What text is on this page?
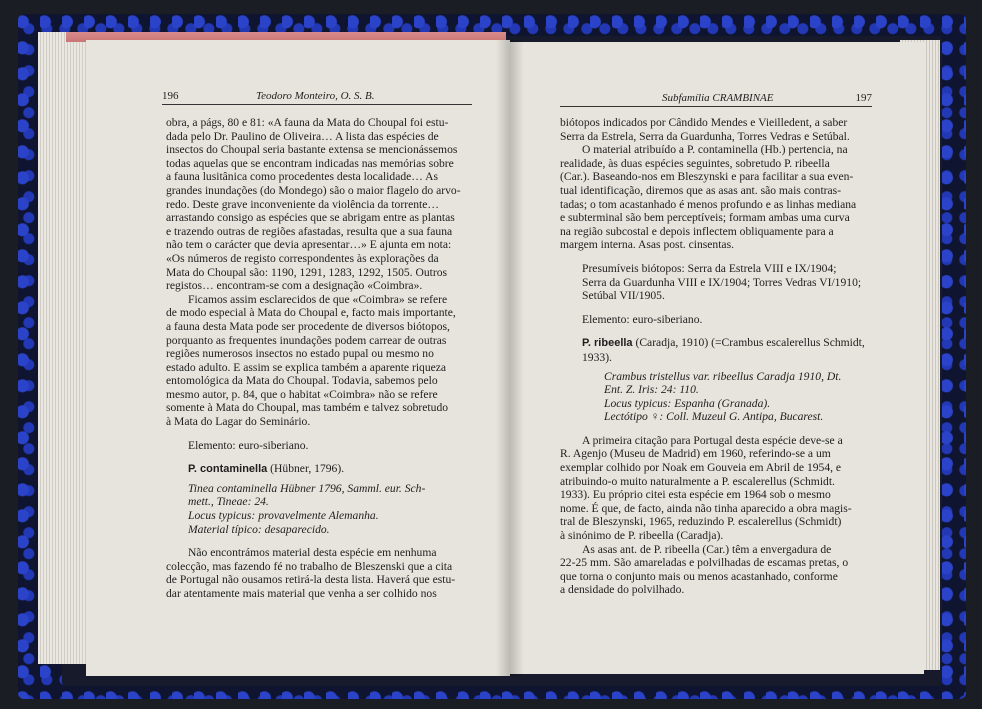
196	Teodoro Monteiro, O. S. B.

obra, a págs, 80 e 81: «A fauna da Mata do Choupal foi estu-

dada pelo Dr. Paulino de Oliveira… A lista das espécies de

insectos do Choupal seria bastante extensa se mencionássemos

todas aquelas que se encontram indicadas nas memórias sobre

a fauna lusitânica como procedentes desta localidade… As

grandes inundações (do Mondego) são o maior flagelo do arvo-

redo. Deste grave inconveniente da violência da torrente…

arrastando consigo as espécies que se abrigam entre as plantas

e trazendo outras de regiões afastadas, resulta que a sua fauna

não tem o carácter que devia apresentar…» E ajunta em nota:

«Os números de registo correspondentes às explorações da

Mata do Choupal são: 1190, 1291, 1283, 1292, 1505. Outros

registos… encontram-se com a designação «Coimbra».

Ficamos assim esclarecidos de que «Coimbra» se refere

de modo especial à Mata do Choupal e, facto mais importante,

a fauna desta Mata pode ser procedente de diversos biótopos,

porquanto as frequentes inundações podem carrear de outras

regiões numerosos insectos no estado pupal ou mesmo no

estado adulto. E assim se explica também a aparente riqueza

entomológica da Mata do Choupal. Todavia, sabemos pelo

mesmo autor, p. 84, que o habitat «Coimbra» não se refere

somente à Mata do Choupal, mas também e talvez sobretudo

à Mata do Lagar do Seminário.

Elemento: euro-siberiano.

P. contaminella (Hübner, 1796).

Tinea contaminella Hübner 1796, Samml. eur. Sch-

mett., Tineae: 24.

Locus typicus: provavelmente Alemanha.

Material típico: desaparecido.

Não encontrámos material desta espécie em nenhuma

colecção, mas fazendo fé no trabalho de Bleszenski que a cita

de Portugal não ousamos retirá-la desta lista. Haverá que estu-

dar atentamente mais material que venha a ser colhido nos

Subfamília CRAMBINAE	197

biótopos indicados por Cândido Mendes e Vieilledent, a saber

Serra da Estrela, Serra da Guardunha, Torres Vedras e Setúbal.

O material atribuído a P. contaminella (Hb.) pertencia, na

realidade, às duas espécies seguintes, sobretudo P. ribeella

(Car.). Baseando-nos em Bleszynski e para facilitar a sua even-

tual identificação, diremos que as asas ant. são mais contras-

tadas; o tom acastanhado é menos profundo e as linhas mediana

e subterminal são bem perceptíveis; formam ambas uma curva

na região subcostal e depois inflectem obliquamente para a

margem interna. Asas post. cinsentas.

Presumíveis biótopos: Serra da Estrela VIII e IX/1904;

Serra da Guardunha VIII e IX/1904; Torres Vedras VI/1910;

Setúbal VII/1905.

Elemento: euro-siberiano.

P. ribeella (Caradja, 1910) (=Crambus escalerellus Schmidt,

1933).

Crambus tristellus var. ribeellus Caradja 1910, Dt.

Ent. Z. Iris: 24: 110.

Locus typicus: Espanha (Granada).

Lectótipo ♀: Coll. Muzeul G. Antipa, Bucarest.

A primeira citação para Portugal desta espécie deve-se a

R. Agenjo (Museu de Madrid) em 1960, referindo-se a um

exemplar colhido por Noak em Gouveia em Abril de 1954, e

atribuindo-o muito naturalmente a P. escalerellus (Schmidt.

1933). Eu próprio citei esta espécie em 1964 sob o mesmo

nome. É que, de facto, ainda não tinha aparecido a obra magis-

tral de Bleszynski, 1965, reduzindo P. escalerellus (Schmidt)

à sinónimo de P. ribeella (Caradja).

As asas ant. de P. ribeella (Car.) têm a envergadura de

22-25 mm. São amareladas e polvilhadas de escamas pretas, o

que torna o conjunto mais ou menos acastanhado, conforme

a densidade do polvilhado.
